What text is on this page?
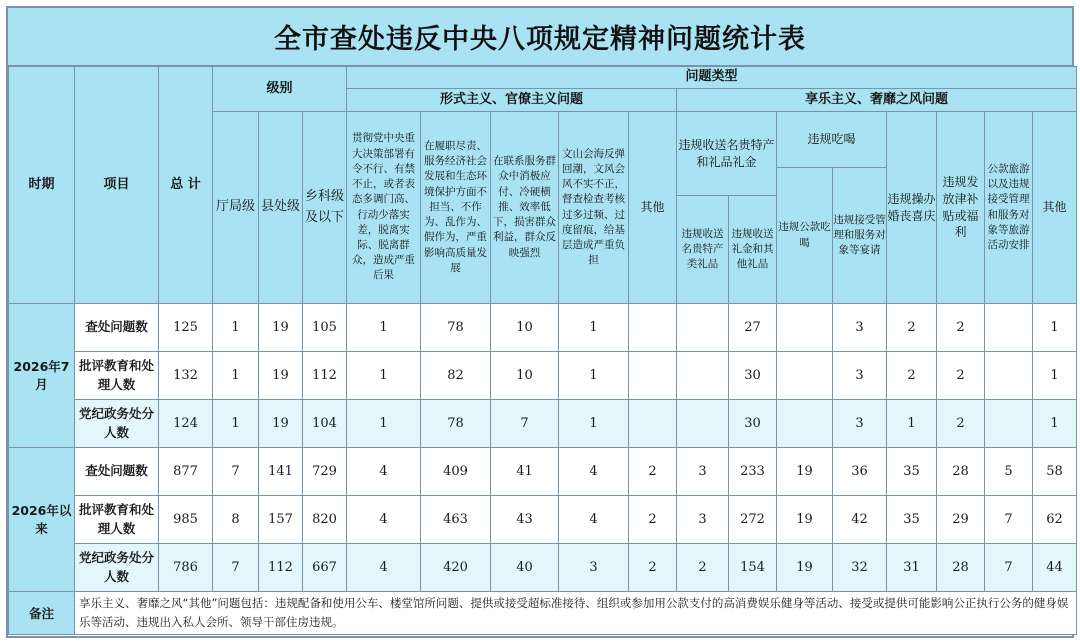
全市查处违反中央八项规定精神问题统计表
时期	项目	总 计	级别			问题类型												
						形式主义、官僚主义问题					享乐主义、奢靡之风问题							
			厅局级	县处级	乡科级及以下	贯彻党中央重大决策部署有令不行、有禁不止，或者表态多调门高、行动少落实差，脱离实际、脱离群众，造成严重后果	在履职尽责、服务经济社会发展和生态环境保护方面不担当、不作为、乱作为、假作为，严重影响高质量发展	在联系服务群众中消极应付、冷硬横推、效率低下，损害群众利益，群众反映强烈	文山会海反弹回潮，文风会风不实不正，督查检查考核过多过频、过度留痕，给基层造成严重负担	其他	违规收送名贵特产和礼品礼金		违规吃喝		违规操办婚丧喜庆	违规发放津补贴或福利	公款旅游以及违规接受管理和服务对象等旅游活动安排	其他
													违规公款吃喝	违规接受管理和服务对象等宴请				
											违规收送名贵特产类礼品	违规收送礼金和其他礼品						
2026年7月	查处问题数	125	1	19	105	1	78	10	1			27		3	2	2		1
	批评教育和处理人数	132	1	19	112	1	82	10	1			30		3	2	2		1
	党纪政务处分人数	124	1	19	104	1	78	7	1			30		3	1	2		1
2026年以来	查处问题数	877	7	141	729	4	409	41	4	2	3	233	19	36	35	28	5	58
	批评教育和处理人数	985	8	157	820	4	463	43	4	2	3	272	19	42	35	29	7	62
	党纪政务处分人数	786	7	112	667	4	420	40	3	2	2	154	19	32	31	28	7	44
备注	享乐主义、奢靡之风“其他”问题包括：违规配备和使用公车、楼堂馆所问题、提供或接受超标准接待、组织或参加用公款支付的高消费娱乐健身等活动、接受或提供可能影响公正执行公务的健身娱乐等活动、违规出入私人会所、领导干部住房违规。																	
